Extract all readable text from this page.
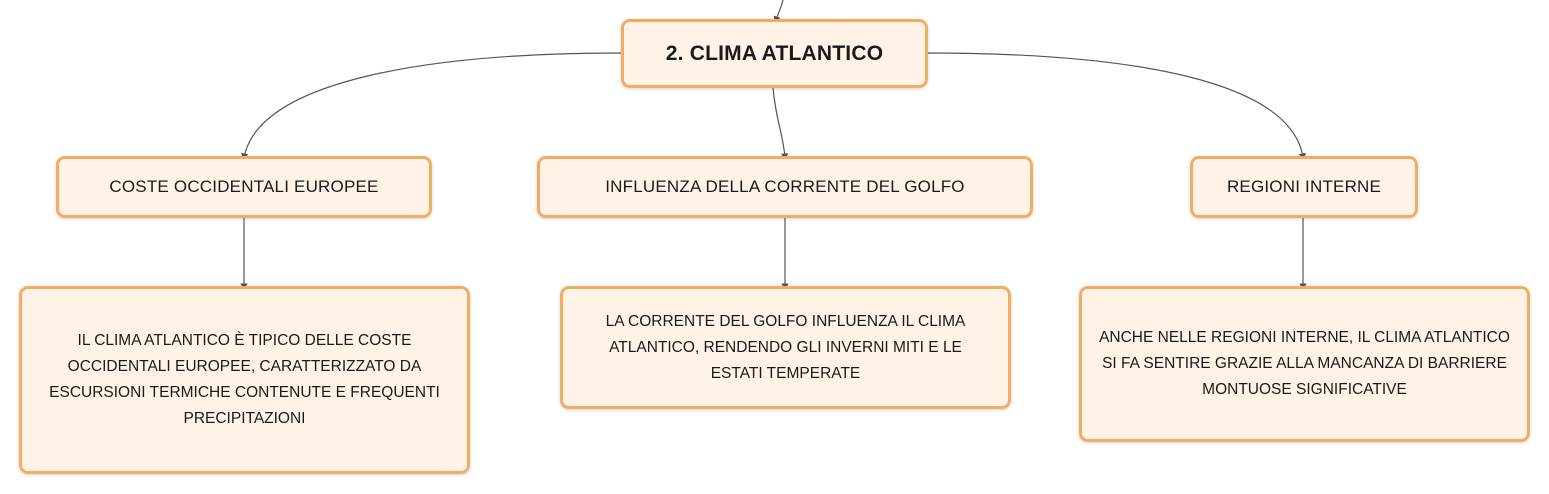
2. CLIMA ATLANTICO
COSTE OCCIDENTALI EUROPEE	INFLUENZA DELLA CORRENTE DEL GOLFO	REGIONI INTERNE
IL CLIMA ATLANTICO È TIPICO DELLE COSTE OCCIDENTALI EUROPEE, CARATTERIZZATO DA ESCURSIONI TERMICHE CONTENUTE E FREQUENTI PRECIPITAZIONI
LA CORRENTE DEL GOLFO INFLUENZA IL CLIMA ATLANTICO, RENDENDO GLI INVERNI MITI E LE ESTATI TEMPERATE
ANCHE NELLE REGIONI INTERNE, IL CLIMA ATLANTICO SI FA SENTIRE GRAZIE ALLA MANCANZA DI BARRIERE MONTUOSE SIGNIFICATIVE
